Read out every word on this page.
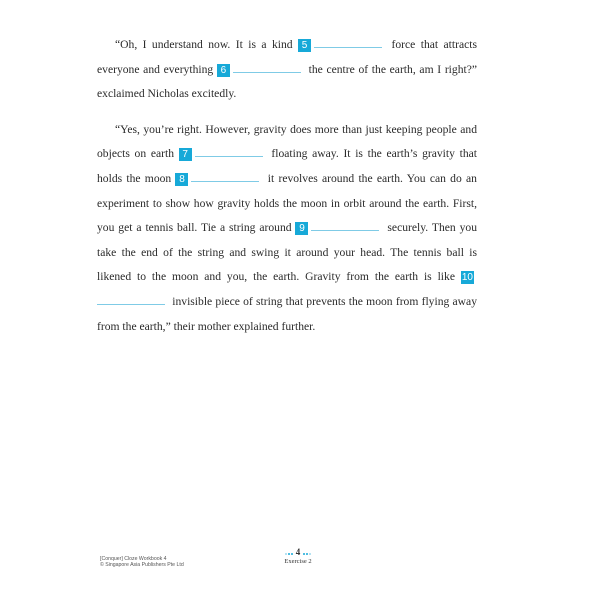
“Oh, I understand now. It is a kind 5	force that attracts everyone and everything 6	the centre of the earth, am I right?” exclaimed Nicholas excitedly.

“Yes, you’re right. However, gravity does more than just keeping people and objects on earth 7	floating away. It is the earth’s gravity that holds the moon 8	it revolves around the earth. You can do an experiment to show how gravity holds the moon in orbit around the earth. First, you get a tennis ball. Tie a string around 9	securely. Then you take the end of the string and swing it around your head. The tennis ball is likened to the moon and you, the earth. Gravity from the earth is like 10 invisible piece of string that prevents the moon from flying away from the earth,” their mother explained further.

[Conquer] Cloze Workbook 4
© Singapore Asia Publishers Pte Ltd
4
Exercise 2
